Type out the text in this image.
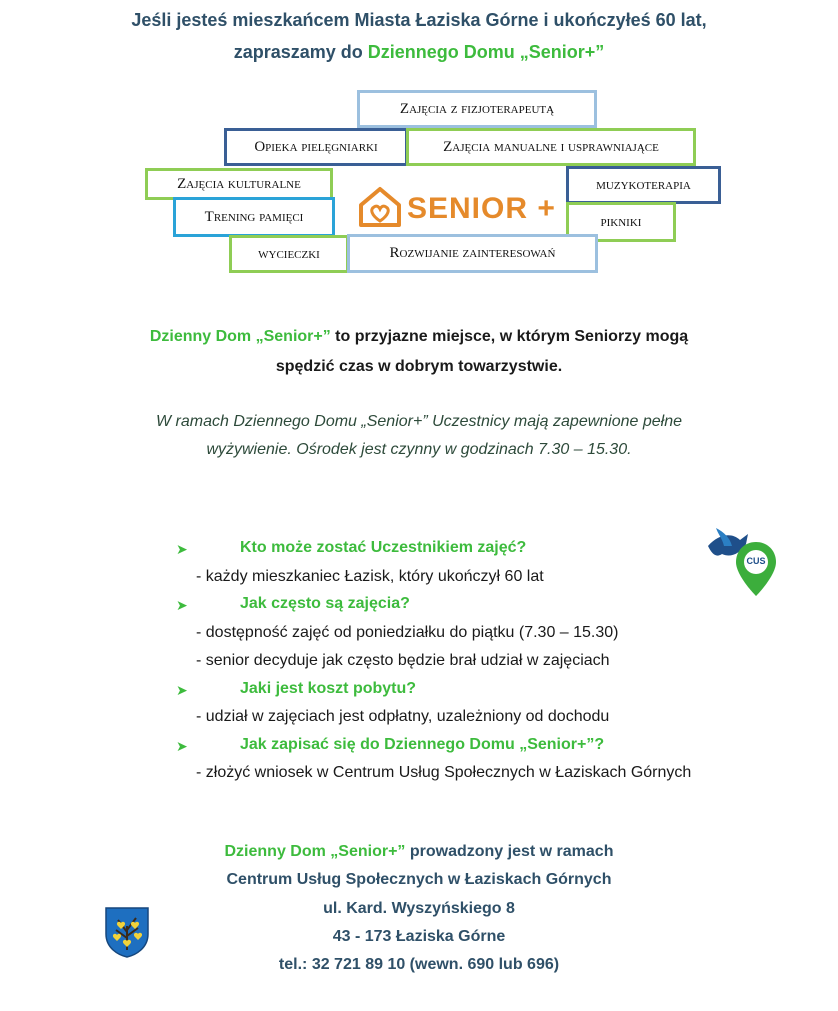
Jeśli jesteś mieszkańcem Miasta Łaziska Górne i ukończyłeś 60 lat,
zapraszamy do Dziennego Domu „Senior+”
Zajęcia z fizjoterapeutą
Opieka pielęgniarki	Zajęcia manualne i usprawniające
Zajęcia kulturalne	muzykoterapia
Trening pamięci	pikniki
wycieczki	Rozwijanie zainteresowań
SENIOR +
Dzienny Dom „Senior+” to przyjazne miejsce, w którym Seniorzy mogą
spędzić czas w dobrym towarzystwie.
W ramach Dziennego Domu „Senior+” Uczestnicy mają zapewnione pełne
wyżywienie. Ośrodek jest czynny w godzinach 7.30 – 15.30.
➤	Kto może zostać Uczestnikiem zajęć?
- każdy mieszkaniec Łazisk, który ukończył 60 lat
➤	Jak często są zajęcia?
- dostępność zajęć od poniedziałku do piątku (7.30 – 15.30)
- senior decyduje jak często będzie brał udział w zajęciach
➤	Jaki jest koszt pobytu?
- udział w zajęciach jest odpłatny, uzależniony od dochodu
➤	Jak zapisać się do Dziennego Domu „Senior+”?
- złożyć wniosek w Centrum Usług Społecznych w Łaziskach Górnych
CUS
Dzienny Dom „Senior+” prowadzony jest w ramach
Centrum Usług Społecznych w Łaziskach Górnych
ul. Kard. Wyszyńskiego 8
43 - 173 Łaziska Górne
tel.: 32 721 89 10 (wewn. 690 lub 696)
